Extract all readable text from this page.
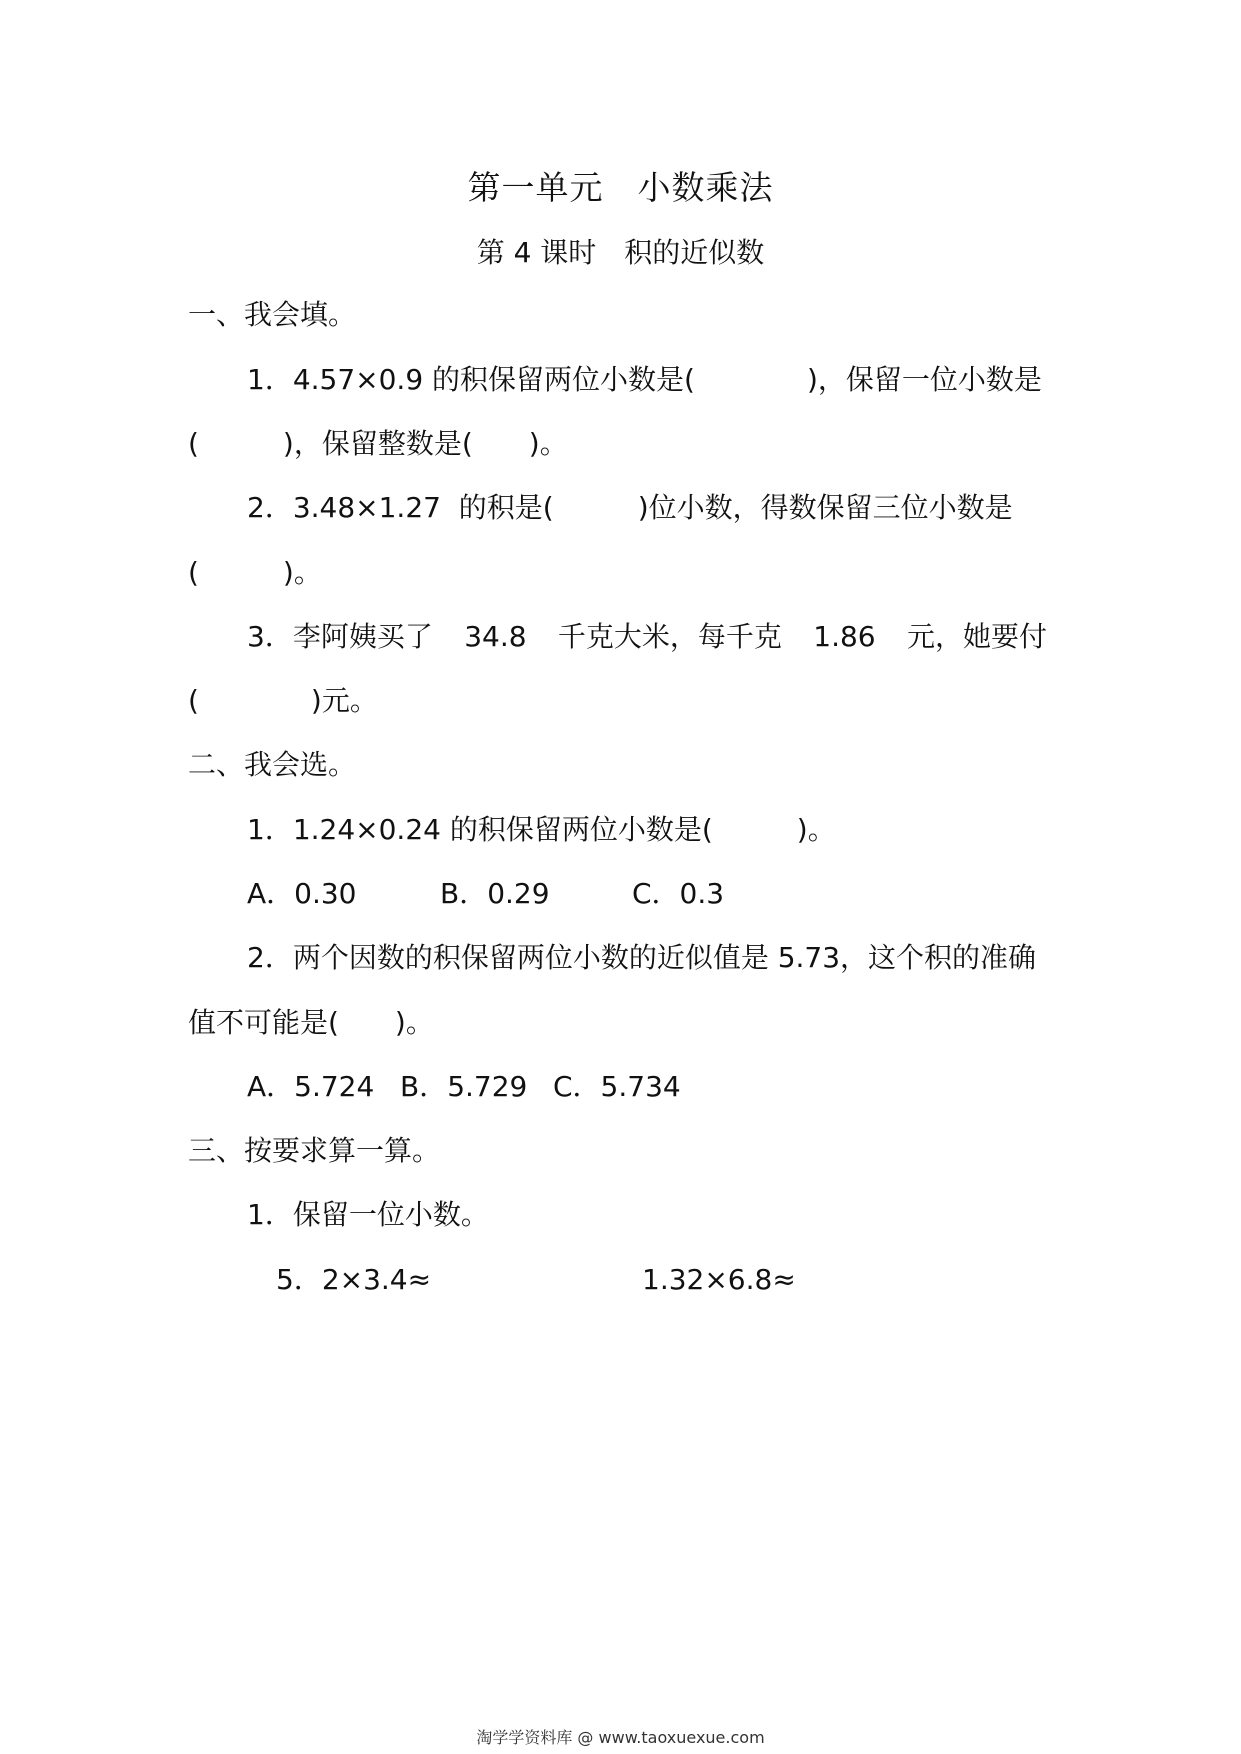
第一单元　小数乘法
第 4 课时　积的近似数
一、我会填。
1．4.57×0.9 的积保留两位小数是(　　　　)，保留一位小数是
(　　　)，保留整数是(　　)。
2．3.48×1.27  的积是(　　　)位小数，得数保留三位小数是
(　　　)。
3．李阿姨买了 34.8 千克大米，每千克 1.86 元，她要付
(　　　　)元。
二、我会选。
1．1.24×0.24 的积保留两位小数是(　　　)。
A．0.30	B．0.29	C．0.3
2．两个因数的积保留两位小数的近似值是 5.73，这个积的准确
值不可能是(　　)。
A．5.724 B．5.729 C．5.734
三、按要求算一算。
1．保留一位小数。
5．2×3.4≈	1.32×6.8≈
淘学学资料库 @ www.taoxuexue.com
